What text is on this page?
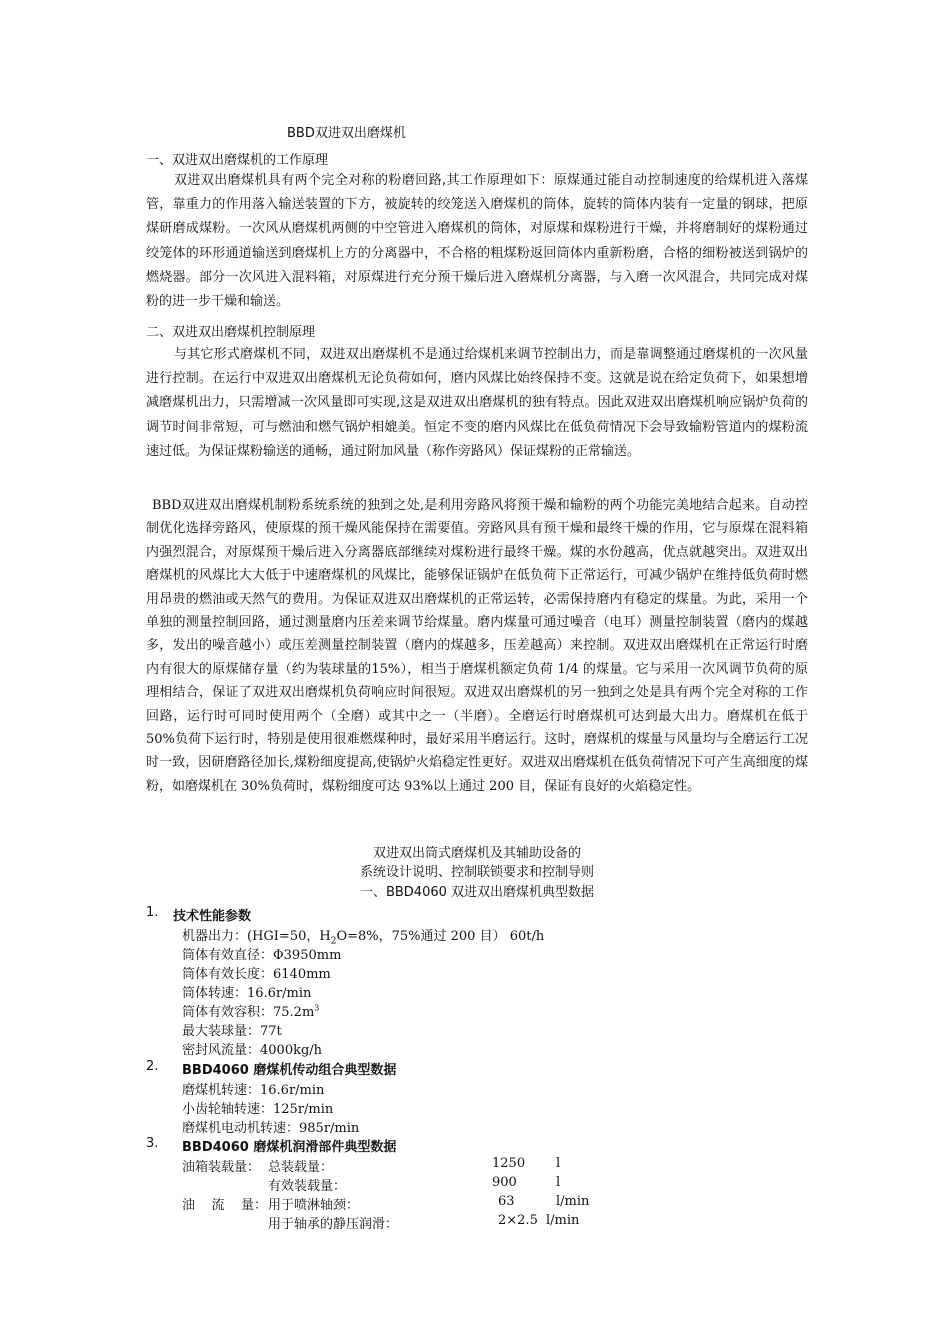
BBD双进双出磨煤机
一、双进双出磨煤机的工作原理

双进双出磨煤机具有两个完全对称的粉磨回路,其工作原理如下：原煤通过能自动控制速度的给煤机进入落煤管，靠重力的作用落入输送装置的下方，被旋转的绞笼送入磨煤机的筒体，旋转的筒体内装有一定量的钢球，把原煤研磨成煤粉。一次风从磨煤机两侧的中空管进入磨煤机的筒体，对原煤和煤粉进行干燥，并将磨制好的煤粉通过绞笼体的环形通道输送到磨煤机上方的分离器中，不合格的粗煤粉返回筒体内重新粉磨，合格的细粉被送到锅炉的燃烧器。部分一次风进入混料箱，对原煤进行充分预干燥后进入磨煤机分离器，与入磨一次风混合，共同完成对煤粉的进一步干燥和输送。

二、双进双出磨煤机控制原理

与其它形式磨煤机不同，双进双出磨煤机不是通过给煤机来调节控制出力，而是靠调整通过磨煤机的一次风量进行控制。在运行中双进双出磨煤机无论负荷如何，磨内风煤比始终保持不变。这就是说在给定负荷下，如果想增减磨煤机出力，只需增减一次风量即可实现,这是双进双出磨煤机的独有特点。因此双进双出磨煤机响应锅炉负荷的调节时间非常短，可与燃油和燃气锅炉相媲美。恒定不变的磨内风煤比在低负荷情况下会导致输粉管道内的煤粉流速过低。为保证煤粉输送的通畅，通过附加风量（称作旁路风）保证煤粉的正常输送。

BBD双进双出磨煤机制粉系统系统的独到之处,是利用旁路风将预干燥和输粉的两个功能完美地结合起来。自动控制优化选择旁路风，使原煤的预干燥风能保持在需要值。旁路风具有预干燥和最终干燥的作用，它与原煤在混料箱内强烈混合，对原煤预干燥后进入分离器底部继续对煤粉进行最终干燥。煤的水份越高，优点就越突出。双进双出磨煤机的风煤比大大低于中速磨煤机的风煤比，能够保证锅炉在低负荷下正常运行，可减少锅炉在维持低负荷时燃用昂贵的燃油或天然气的费用。为保证双进双出磨煤机的正常运转，必需保持磨内有稳定的煤量。为此，采用一个单独的测量控制回路，通过测量磨内压差来调节给煤量。磨内煤量可通过噪音（电耳）测量控制装置（磨内的煤越多，发出的噪音越小）或压差测量控制装置（磨内的煤越多，压差越高）来控制。双进双出磨煤机在正常运行时磨内有很大的原煤储存量（约为装球量的15%），相当于磨煤机额定负荷 1/4 的煤量。它与采用一次风调节负荷的原理相结合，保证了双进双出磨煤机负荷响应时间很短。双进双出磨煤机的另一独到之处是具有两个完全对称的工作回路，运行时可同时使用两个（全磨）或其中之一（半磨）。全磨运行时磨煤机可达到最大出力。磨煤机在低于 50%负荷下运行时，特别是使用很难燃煤种时，最好采用半磨运行。这时，磨煤机的煤量与风量均与全磨运行工况时一致，因研磨路径加长,煤粉细度提高,使锅炉火焰稳定性更好。双进双出磨煤机在低负荷情况下可产生高细度的煤粉，如磨煤机在 30%负荷时，煤粉细度可达 93%以上通过 200 目，保证有良好的火焰稳定性。

双进双出筒式磨煤机及其辅助设备的
系统设计说明、控制联锁要求和控制导则
一、BBD4060 双进双出磨煤机典型数据
1. 技术性能参数
机器出力：(HGI=50，$H_2O=8\%$，75%通过 200 目） 60t/h
筒体有效直径：Φ3950mm
筒体有效长度：6140mm
筒体转速：16.6r/min
筒体有效容积：$75.2m^3$
最大装球量：77t
密封风流量：4000kg/h
2. BBD4060 磨煤机传动组合典型数据
磨煤机转速：16.6r/min
小齿轮轴转速：125r/min
磨煤机电动机转速：985r/min
3. BBD4060 磨煤机润滑部件典型数据
油箱装载量： 总装载量：	1250 l
有效装载量：	900	l
油    流    量： 用于喷淋轴颈：	63	l/min
用于轴承的静压润滑：	2×2.5 l/min
